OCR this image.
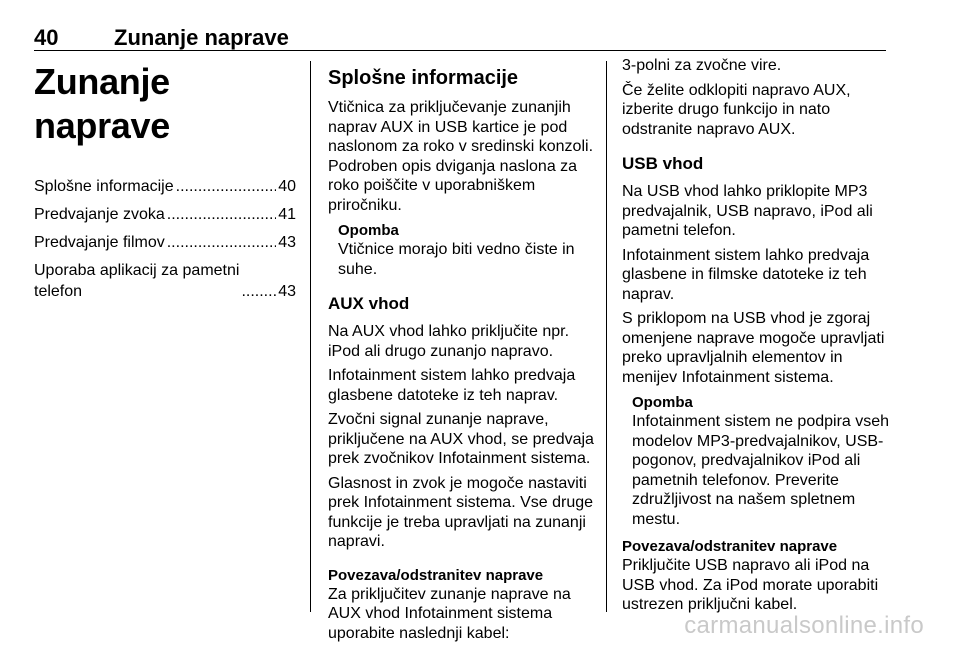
40	Zunanje naprave
Zunanje naprave
Splošne informacije .....	40
Predvajanje zvoka .....	41
Predvajanje filmov .....	43
Uporaba aplikacij za pametni
telefon .....	43
Splošne informacije

Vtičnica za priključevanje zunanjih naprav AUX in USB kartice je pod naslonom za roko v sredinski konzoli. Podroben opis dviganja naslona za roko poiščite v uporabniškem priročniku.

Opomba

Vtičnice morajo biti vedno čiste in suhe.

AUX vhod

Na AUX vhod lahko priključite npr. iPod ali drugo zunanjo napravo.

Infotainment sistem lahko predvaja glasbene datoteke iz teh naprav.

Zvočni signal zunanje naprave, priključene na AUX vhod, se predvaja prek zvočnikov Infotainment sistema.

Glasnost in zvok je mogoče nastaviti prek Infotainment sistema. Vse druge funkcije je treba upravljati na zunanji napravi.

Povezava/odstranitev naprave

Za priključitev zunanje naprave na AUX vhod Infotainment sistema uporabite naslednji kabel:

3-polni za zvočne vire.

Če želite odklopiti napravo AUX, izberite drugo funkcijo in nato odstranite napravo AUX.

USB vhod

Na USB vhod lahko priklopite MP3 predvajalnik, USB napravo, iPod ali pametni telefon.

Infotainment sistem lahko predvaja glasbene in filmske datoteke iz teh naprav.

S priklopom na USB vhod je zgoraj omenjene naprave mogoče upravljati preko upravljalnih elementov in menijev Infotainment sistema.

Opomba

Infotainment sistem ne podpira vseh modelov MP3-predvajalnikov, USB-pogonov, predvajalnikov iPod ali pametnih telefonov. Preverite združljivost na našem spletnem mestu.

Povezava/odstranitev naprave

Priključite USB napravo ali iPod na USB vhod. Za iPod morate uporabiti ustrezen priključni kabel.

carmanualsonline.info
